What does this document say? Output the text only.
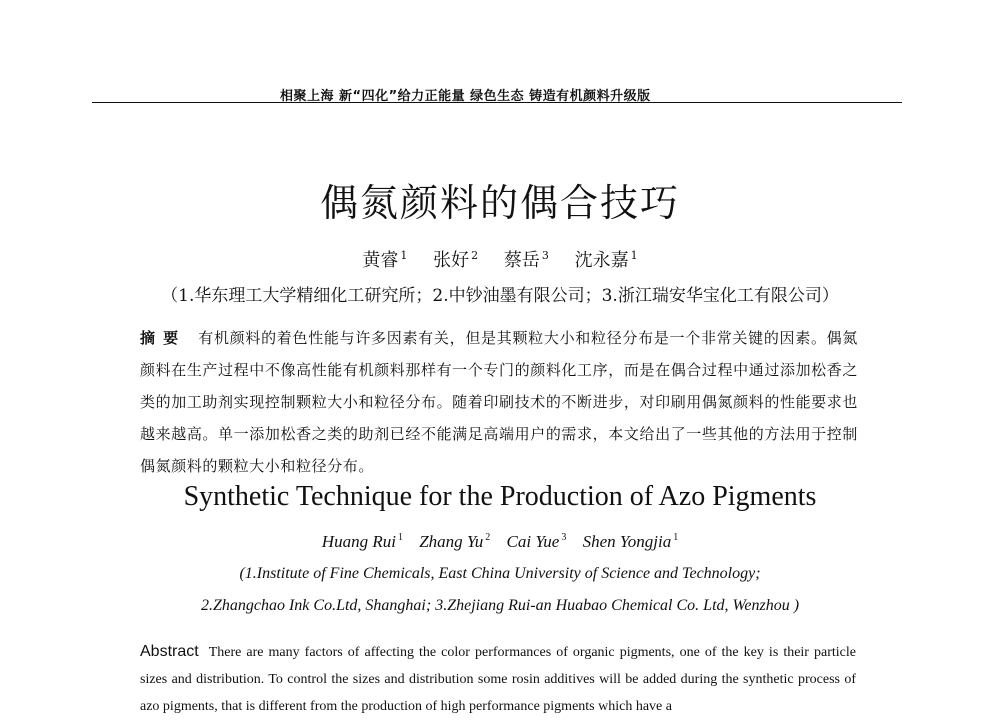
相聚上海 新“四化”给力正能量 绿色生态 铸造有机颜料升级版
偶氮颜料的偶合技巧
黄睿 $^1$ 张好 $^2$ 蔡岳 $^3$ 沈永嘉 $^1$
（1.华东理工大学精细化工研究所；2.中钞油墨有限公司；3.浙江瑞安华宝化工有限公司）
摘要 有机颜料的着色性能与许多因素有关，但是其颗粒大小和粒径分布是一个非常关键的因素。偶氮颜料在生产过程中不像高性能有机颜料那样有一个专门的颜料化工序，而是在偶合过程中通过添加松香之类的加工助剂实现控制颗粒大小和粒径分布。随着印刷技术的不断进步，对印刷用偶氮颜料的性能要求也越来越高。单一添加松香之类的助剂已经不能满足高端用户的需求，本文给出了一些其他的方法用于控制偶氮颜料的颗粒大小和粒径分布。
Synthetic Technique for the Production of Azo Pigments
Huang Rui $^1$ Zhang Yu $^2$ Cai Yue $^3$ Shen Yongjia $^1$
(1.Institute of Fine Chemicals, East China University of Science and Technology;
2.Zhangchao Ink Co.Ltd, Shanghai; 3.Zhejiang Rui-an Huabao Chemical Co. Ltd, Wenzhou )
Abstract There are many factors of affecting the color performances of organic pigments, one of the key is their particle sizes and distribution. To control the sizes and distribution some rosin additives will be added during the synthetic process of azo pigments, that is different from the production of high performance pigments which have a
